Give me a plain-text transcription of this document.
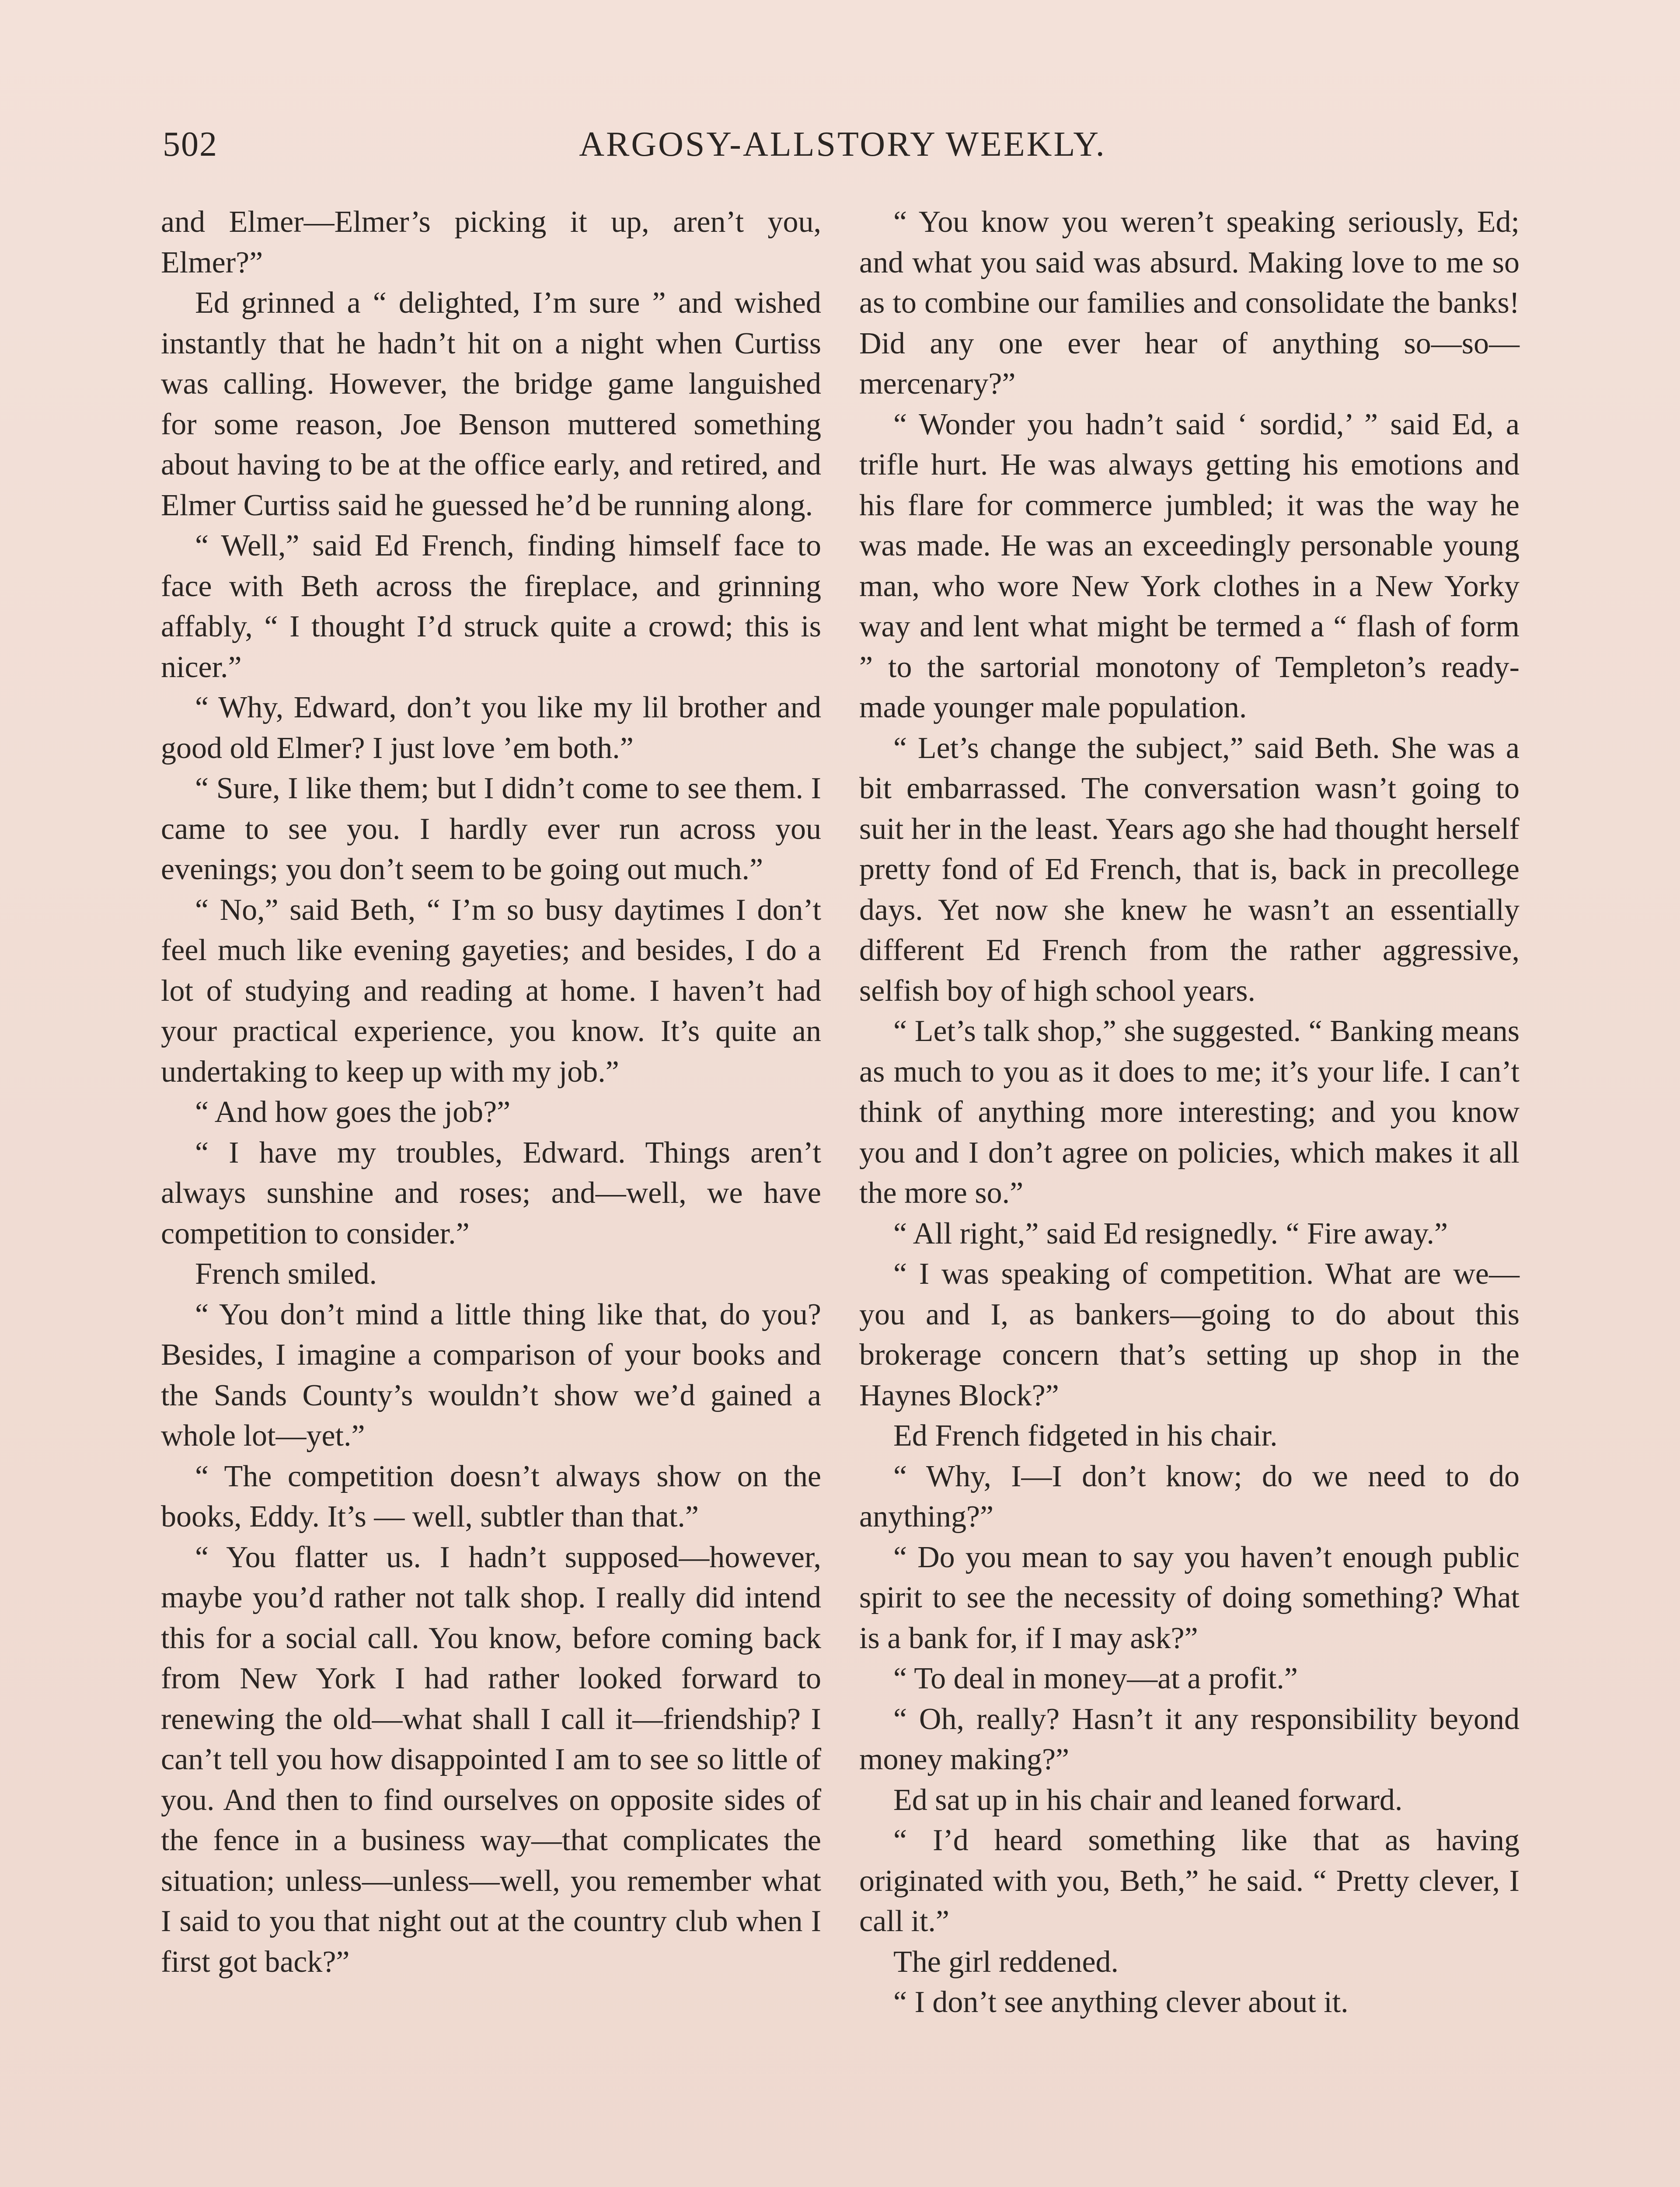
502	ARGOSY-ALLSTORY WEEKLY.

and Elmer—Elmer’s picking it up, aren’t you, Elmer?”

Ed grinned a “ delighted, I’m sure ” and wished instantly that he hadn’t hit on a night when Curtiss was calling. However, the bridge game languished for some reason, Joe Benson muttered something about having to be at the office early, and retired, and Elmer Curtiss said he guessed he’d be running along.

“ Well,” said Ed French, finding himself face to face with Beth across the fireplace, and grinning affably, “ I thought I’d struck quite a crowd; this is nicer.”

“ Why, Edward, don’t you like my lil brother and good old Elmer? I just love ’em both.”

“ Sure, I like them; but I didn’t come to see them. I came to see you. I hardly ever run across you evenings; you don’t seem to be going out much.”

“ No,” said Beth, “ I’m so busy daytimes I don’t feel much like evening gayeties; and besides, I do a lot of studying and reading at home. I haven’t had your practical experience, you know. It’s quite an undertaking to keep up with my job.”

“ And how goes the job?”

“ I have my troubles, Edward. Things aren’t always sunshine and roses; and—well, we have competition to consider.”

French smiled.

“ You don’t mind a little thing like that, do you? Besides, I imagine a comparison of your books and the Sands County’s wouldn’t show we’d gained a whole lot—yet.”

“ The competition doesn’t always show on the books, Eddy. It’s — well, subtler than that.”

“ You flatter us. I hadn’t supposed—however, maybe you’d rather not talk shop. I really did intend this for a social call. You know, before coming back from New York I had rather looked forward to renewing the old—what shall I call it—friendship? I can’t tell you how disappointed I am to see so little of you. And then to find ourselves on opposite sides of the fence in a business way—that complicates the situation; unless—unless—well, you remember what I said to you that night out at the country club when I first got back?”

“ You know you weren’t speaking seriously, Ed; and what you said was absurd. Making love to me so as to combine our families and consolidate the banks! Did any one ever hear of anything so—so—mercenary?”

“ Wonder you hadn’t said ‘ sordid,’ ” said Ed, a trifle hurt. He was always getting his emotions and his flare for commerce jumbled; it was the way he was made. He was an exceedingly personable young man, who wore New York clothes in a New Yorky way and lent what might be termed a “ flash of form ” to the sartorial monotony of Templeton’s ready-made younger male population.

“ Let’s change the subject,” said Beth. She was a bit embarrassed. The conversation wasn’t going to suit her in the least. Years ago she had thought herself pretty fond of Ed French, that is, back in precollege days. Yet now she knew he wasn’t an essentially different Ed French from the rather aggressive, selfish boy of high school years.

“ Let’s talk shop,” she suggested. “ Banking means as much to you as it does to me; it’s your life. I can’t think of anything more interesting; and you know you and I don’t agree on policies, which makes it all the more so.”

“ All right,” said Ed resignedly. “ Fire away.”

“ I was speaking of competition. What are we—you and I, as bankers—going to do about this brokerage concern that’s setting up shop in the Haynes Block?”

Ed French fidgeted in his chair.

“ Why, I—I don’t know; do we need to do anything?”

“ Do you mean to say you haven’t enough public spirit to see the necessity of doing something? What is a bank for, if I may ask?”

“ To deal in money—at a profit.”

“ Oh, really? Hasn’t it any responsibility beyond money making?”

Ed sat up in his chair and leaned forward.

“ I’d heard something like that as having originated with you, Beth,” he said. “ Pretty clever, I call it.”

The girl reddened.

“ I don’t see anything clever about it.
